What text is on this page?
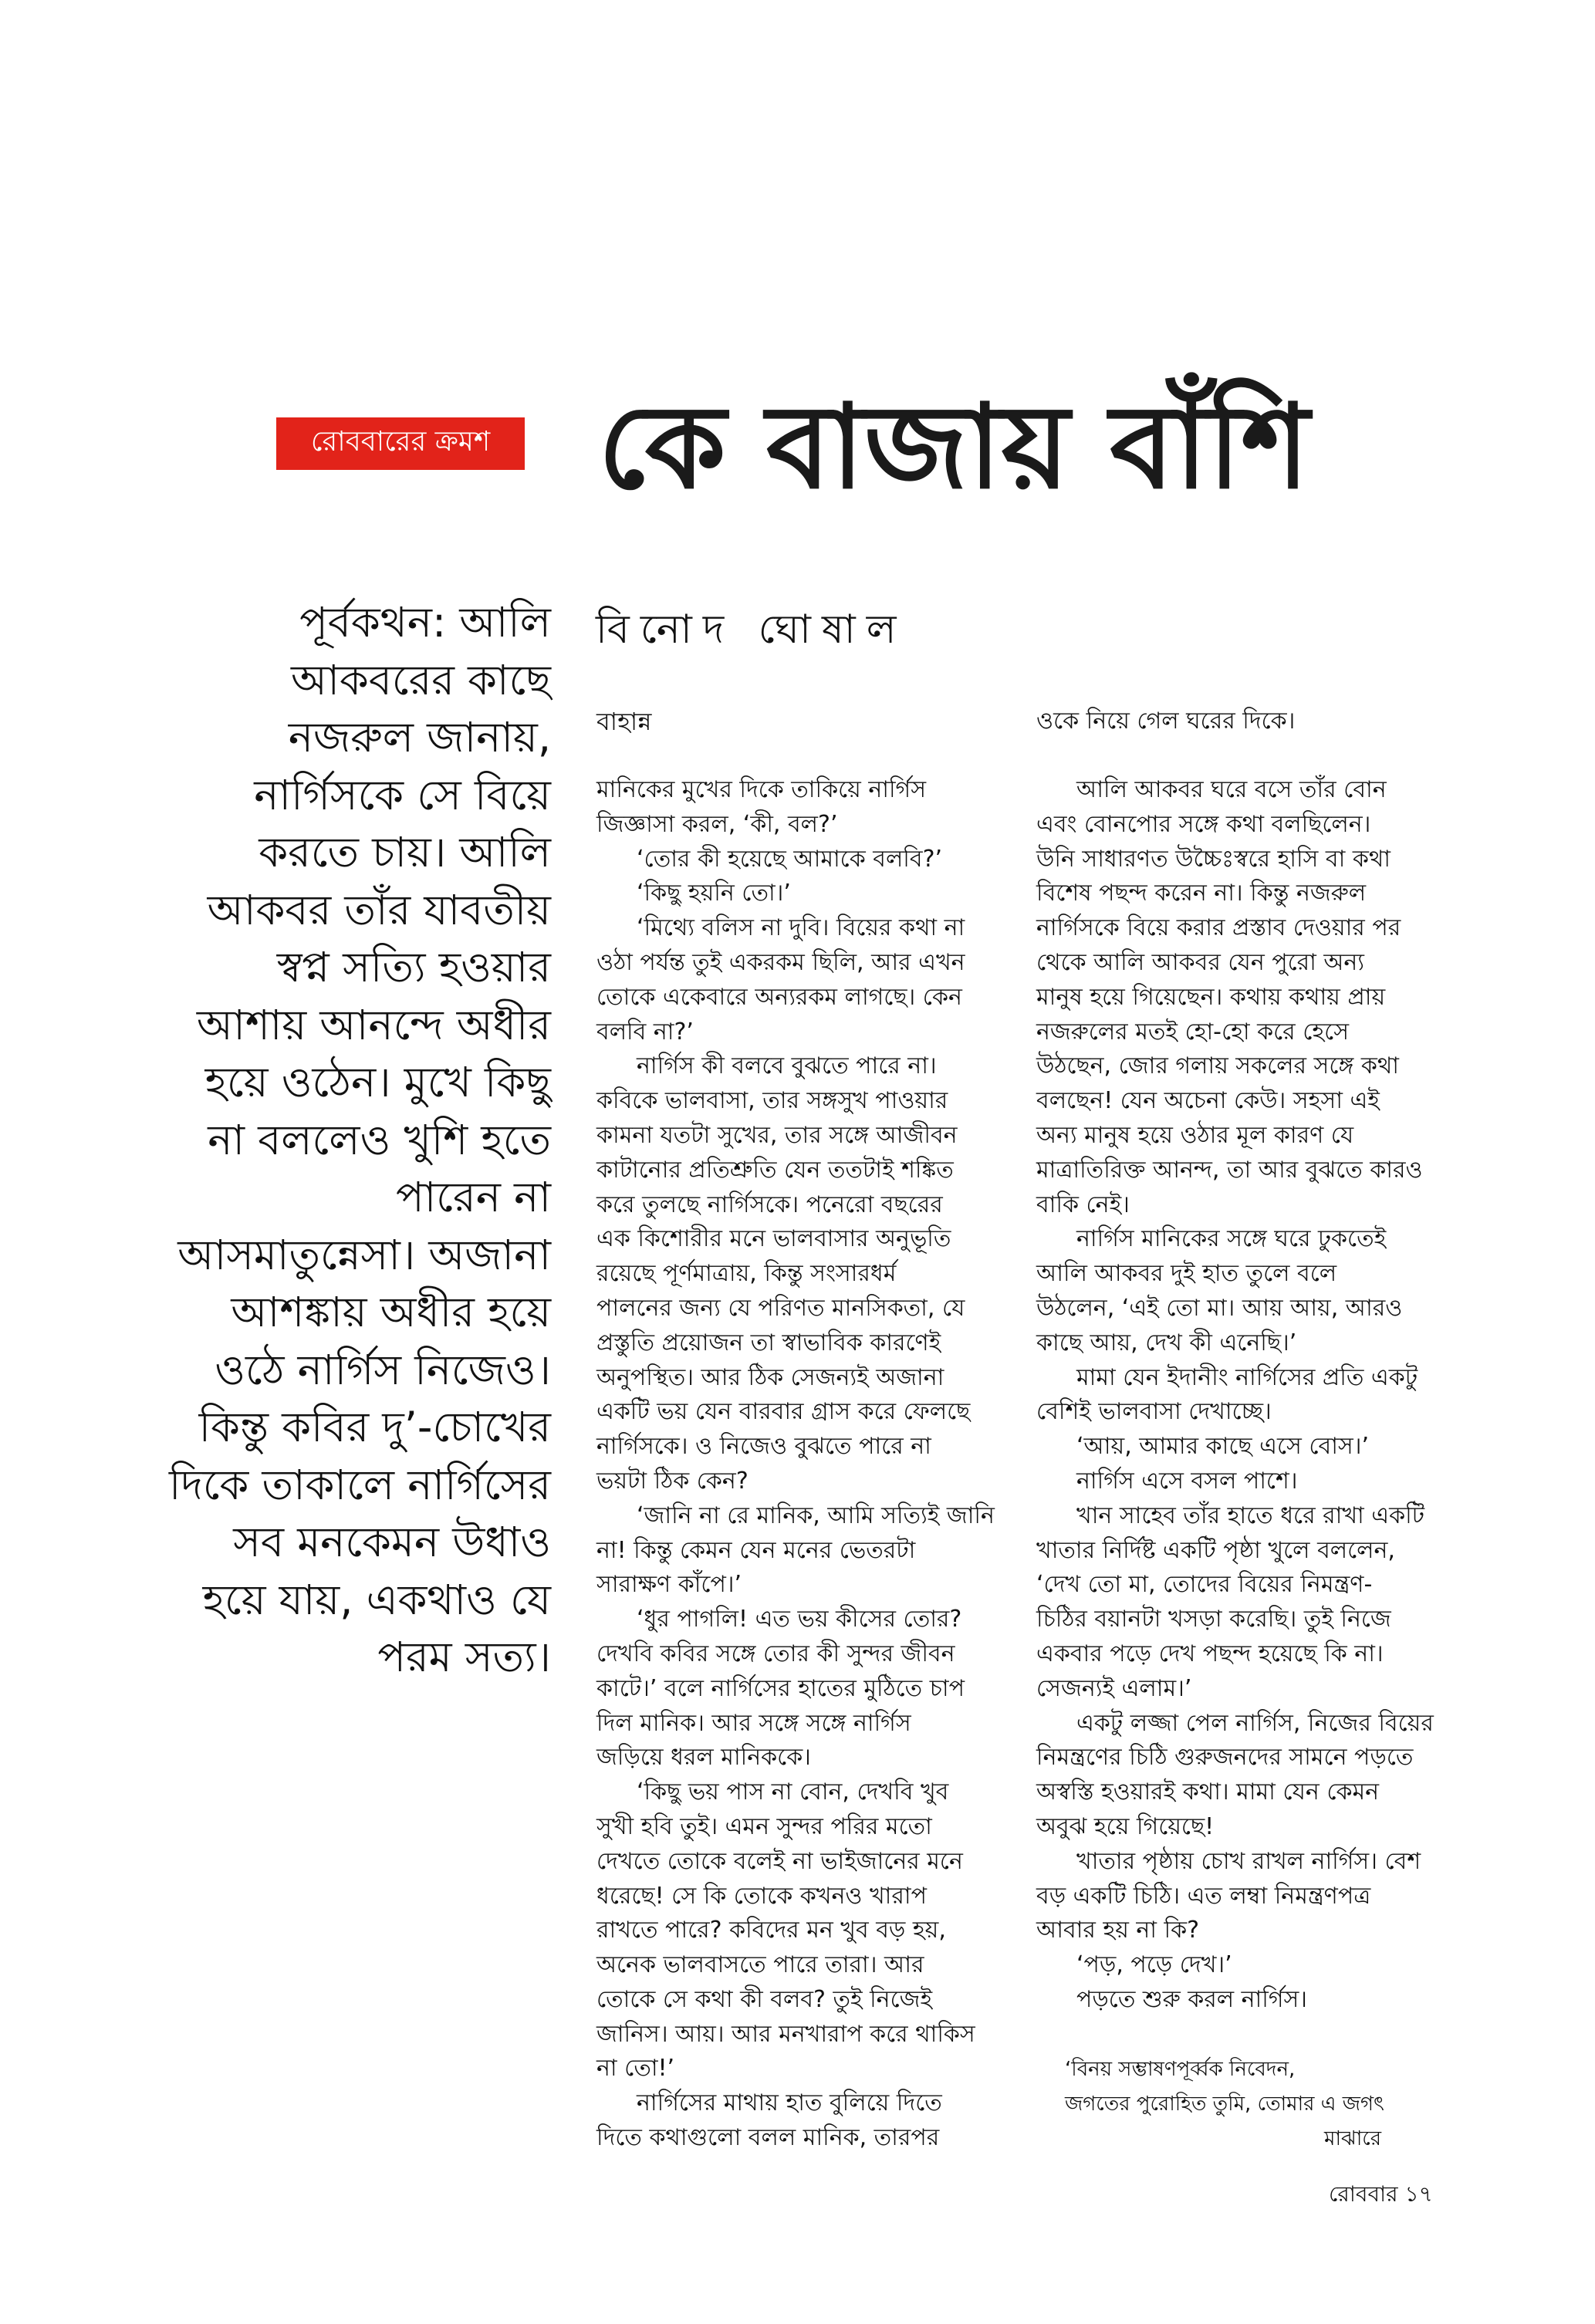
রোববারের ক্রমশ কে বাজায় বাঁশি
বিনোদ ঘোষাল
পূর্বকথন: আলি
আকবরের কাছে
নজরুল জানায়,
নার্গিসকে সে বিয়ে
করতে চায়। আলি
আকবর তাঁর যাবতীয়
স্বপ্ন সত্যি হওয়ার
আশায় আনন্দে অধীর
হয়ে ওঠেন। মুখে কিছু
না বললেও খুশি হতে
পারেন না
আসমাতুন্নেসা। অজানা
আশঙ্কায় অধীর হয়ে
ওঠে নার্গিস নিজেও।
কিন্তু কবির দু’-চোখের
দিকে তাকালে নার্গিসের
সব মনকেমন উধাও
হয়ে যায়, একথাও যে
পরম সত্য।
বাহান্ন
মানিকের মুখের দিকে তাকিয়ে নার্গিস
জিজ্ঞাসা করল, ‘কী, বল?’
‘তোর কী হয়েছে আমাকে বলবি?’
‘কিছু হয়নি তো।’
‘মিথ্যে বলিস না দুবি। বিয়ের কথা না
ওঠা পর্যন্ত তুই একরকম ছিলি, আর এখন
তোকে একেবারে অন্যরকম লাগছে। কেন
বলবি না?’
নার্গিস কী বলবে বুঝতে পারে না।
কবিকে ভালবাসা, তার সঙ্গসুখ পাওয়ার
কামনা যতটা সুখের, তার সঙ্গে আজীবন
কাটানোর প্রতিশ্রুতি যেন ততটাই শঙ্কিত
করে তুলছে নার্গিসকে। পনেরো বছরের
এক কিশোরীর মনে ভালবাসার অনুভূতি
রয়েছে পূর্ণমাত্রায়, কিন্তু সংসারধর্ম
পালনের জন্য যে পরিণত মানসিকতা, যে
প্রস্তুতি প্রয়োজন তা স্বাভাবিক কারণেই
অনুপস্থিত। আর ঠিক সেজন্যই অজানা
একটি ভয় যেন বারবার গ্রাস করে ফেলছে
নার্গিসকে। ও নিজেও বুঝতে পারে না
ভয়টা ঠিক কেন?
‘জানি না রে মানিক, আমি সত্যিই জানি
না! কিন্তু কেমন যেন মনের ভেতরটা
সারাক্ষণ কাঁপে।’
‘ধুর পাগলি! এত ভয় কীসের তোর?
দেখবি কবির সঙ্গে তোর কী সুন্দর জীবন
কাটে।’ বলে নার্গিসের হাতের মুঠিতে চাপ
দিল মানিক। আর সঙ্গে সঙ্গে নার্গিস
জড়িয়ে ধরল মানিককে।
‘কিছু ভয় পাস না বোন, দেখবি খুব
সুখী হবি তুই। এমন সুন্দর পরির মতো
দেখতে তোকে বলেই না ভাইজানের মনে
ধরেছে! সে কি তোকে কখনও খারাপ
রাখতে পারে? কবিদের মন খুব বড় হয়,
অনেক ভালবাসতে পারে তারা। আর
তোকে সে কথা কী বলব? তুই নিজেই
জানিস। আয়। আর মনখারাপ করে থাকিস
না তো!’
নার্গিসের মাথায় হাত বুলিয়ে দিতে
দিতে কথাগুলো বলল মানিক, তারপর
ওকে নিয়ে গেল ঘরের দিকে।
আলি আকবর ঘরে বসে তাঁর বোন
এবং বোনপোর সঙ্গে কথা বলছিলেন।
উনি সাধারণত উচ্চৈঃস্বরে হাসি বা কথা
বিশেষ পছন্দ করেন না। কিন্তু নজরুল
নার্গিসকে বিয়ে করার প্রস্তাব দেওয়ার পর
থেকে আলি আকবর যেন পুরো অন্য
মানুষ হয়ে গিয়েছেন। কথায় কথায় প্রায়
নজরুলের মতই হো-হো করে হেসে
উঠছেন, জোর গলায় সকলের সঙ্গে কথা
বলছেন! যেন অচেনা কেউ। সহসা এই
অন্য মানুষ হয়ে ওঠার মূল কারণ যে
মাত্রাতিরিক্ত আনন্দ, তা আর বুঝতে কারও
বাকি নেই।
নার্গিস মানিকের সঙ্গে ঘরে ঢুকতেই
আলি আকবর দুই হাত তুলে বলে
উঠলেন, ‘এই তো মা। আয় আয়, আরও
কাছে আয়, দেখ কী এনেছি।’
মামা যেন ইদানীং নার্গিসের প্রতি একটু
বেশিই ভালবাসা দেখাচ্ছে।
‘আয়, আমার কাছে এসে বোস।’
নার্গিস এসে বসল পাশে।
খান সাহেব তাঁর হাতে ধরে রাখা একটি
খাতার নির্দিষ্ট একটি পৃষ্ঠা খুলে বললেন,
‘দেখ তো মা, তোদের বিয়ের নিমন্ত্রণ-
চিঠির বয়ানটা খসড়া করেছি। তুই নিজে
একবার পড়ে দেখ পছন্দ হয়েছে কি না।
সেজন্যই এলাম।’
একটু লজ্জা পেল নার্গিস, নিজের বিয়ের
নিমন্ত্রণের চিঠি গুরুজনদের সামনে পড়তে
অস্বস্তি হওয়ারই কথা। মামা যেন কেমন
অবুঝ হয়ে গিয়েছে!
খাতার পৃষ্ঠায় চোখ রাখল নার্গিস। বেশ
বড় একটি চিঠি। এত লম্বা নিমন্ত্রণপত্র
আবার হয় না কি?
‘পড়, পড়ে দেখ।’
পড়তে শুরু করল নার্গিস।
‘বিনয় সম্ভাষণপূর্ব্বক নিবেদন,
জগতের পুরোহিত তুমি, তোমার এ জগৎ
মাঝারে
রোববার ১৭
